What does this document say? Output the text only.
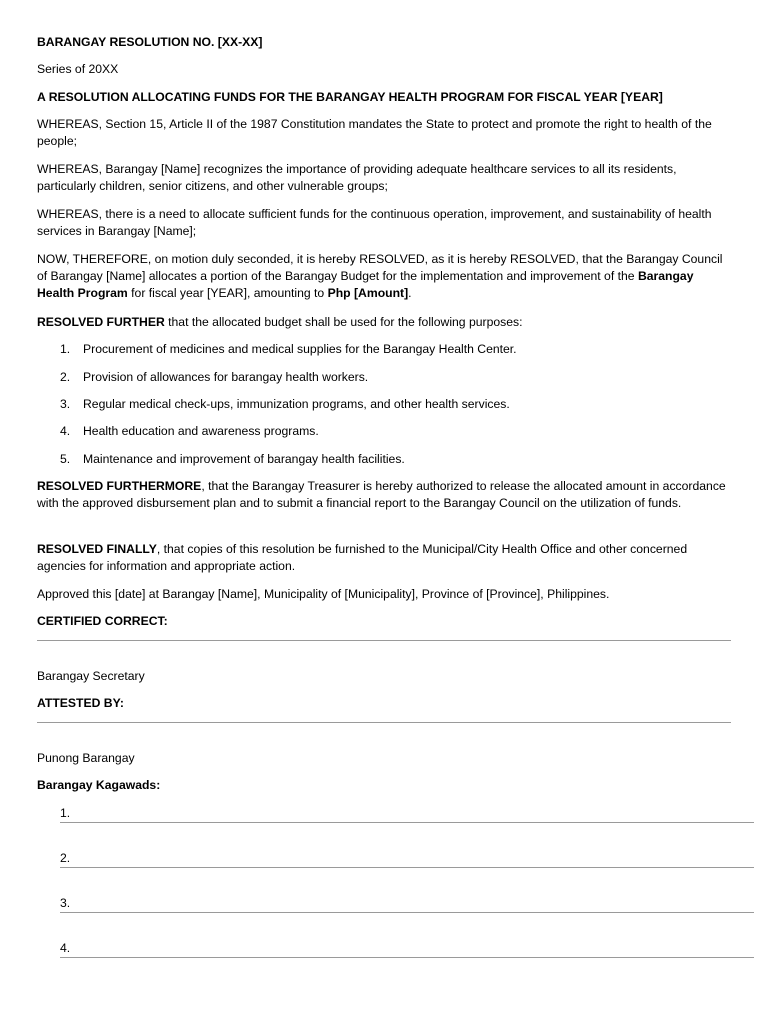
BARANGAY RESOLUTION NO. [XX-XX]

Series of 20XX

A RESOLUTION ALLOCATING FUNDS FOR THE BARANGAY HEALTH PROGRAM FOR FISCAL YEAR [YEAR]

WHEREAS, Section 15, Article II of the 1987 Constitution mandates the State to protect and promote the right to health of the people;

WHEREAS, Barangay [Name] recognizes the importance of providing adequate healthcare services to all its residents, particularly children, senior citizens, and other vulnerable groups;

WHEREAS, there is a need to allocate sufficient funds for the continuous operation, improvement, and sustainability of health services in Barangay [Name];

NOW, THEREFORE, on motion duly seconded, it is hereby RESOLVED, as it is hereby RESOLVED, that the Barangay Council of Barangay [Name] allocates a portion of the Barangay Budget for the implementation and improvement of the Barangay Health Program for fiscal year [YEAR], amounting to Php [Amount].

RESOLVED FURTHER that the allocated budget shall be used for the following purposes:

1. Procurement of medicines and medical supplies for the Barangay Health Center.
2. Provision of allowances for barangay health workers.
3. Regular medical check-ups, immunization programs, and other health services.
4. Health education and awareness programs.
5. Maintenance and improvement of barangay health facilities.

RESOLVED FURTHERMORE, that the Barangay Treasurer is hereby authorized to release the allocated amount in accordance with the approved disbursement plan and to submit a financial report to the Barangay Council on the utilization of funds.

RESOLVED FINALLY, that copies of this resolution be furnished to the Municipal/City Health Office and other concerned agencies for information and appropriate action.

Approved this [date] at Barangay [Name], Municipality of [Municipality], Province of [Province], Philippines.

CERTIFIED CORRECT:

Barangay Secretary

ATTESTED BY:

Punong Barangay

Barangay Kagawads:

1.
2.
3.
4.
